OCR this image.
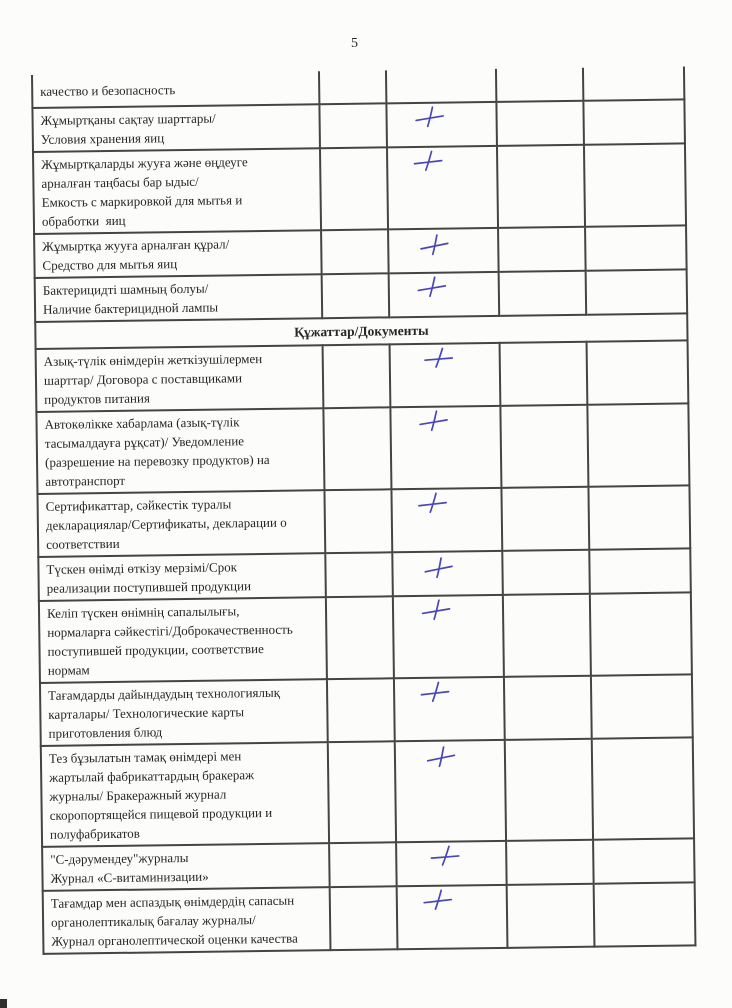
5
качество и безопасность				
Жұмыртқаны сақтау шарттары/
Условия хранения яиц		

Жұмыртқаларды жууға және өңдеуге
арналған таңбасы бар ыдыс/
Емкость с маркировкой для мытья и
обработки  яиц		

Жұмыртқа жууға арналған құрал/
Средство для мытья яиц		

Бактерицидті шамның болуы/
Наличие бактерицидной лампы		

Құжаттар/Документы				
Азық-түлік өнімдерін жеткізушілермен
шарттар/ Договора с поставщиками
продуктов питания		

Автокөлікке хабарлама (азық-түлік
тасымалдауға рұқсат)/ Уведомление
(разрешение на перевозку продуктов) на
автотранспорт		

Сертификаттар, сәйкестік туралы
декларациялар/Сертификаты, декларации о
соответствии		

Түскен өнімді өткізу мерзімі/Срок
реализации поступившей продукции		

Келіп түскен өнімнің сапалылығы,
нормаларға сәйкестігі/Доброкачественность
поступившей продукции, соответствие
нормам		

Тағамдарды дайындаудың технологиялық
карталары/ Технологические карты
приготовления блюд		

Тез бұзылатын тамақ өнімдері мен
жартылай фабрикаттардың бракераж
журналы/ Бракеражный журнал
скоропортящейся пищевой продукции и
полуфабрикатов		

"С-дәрумендеу"журналы
Журнал «С-витаминизации»		

Тағамдар мен аспаздық өнімдердің сапасын
органолептикалық бағалау журналы/
Журнал органолептической оценки качества		
